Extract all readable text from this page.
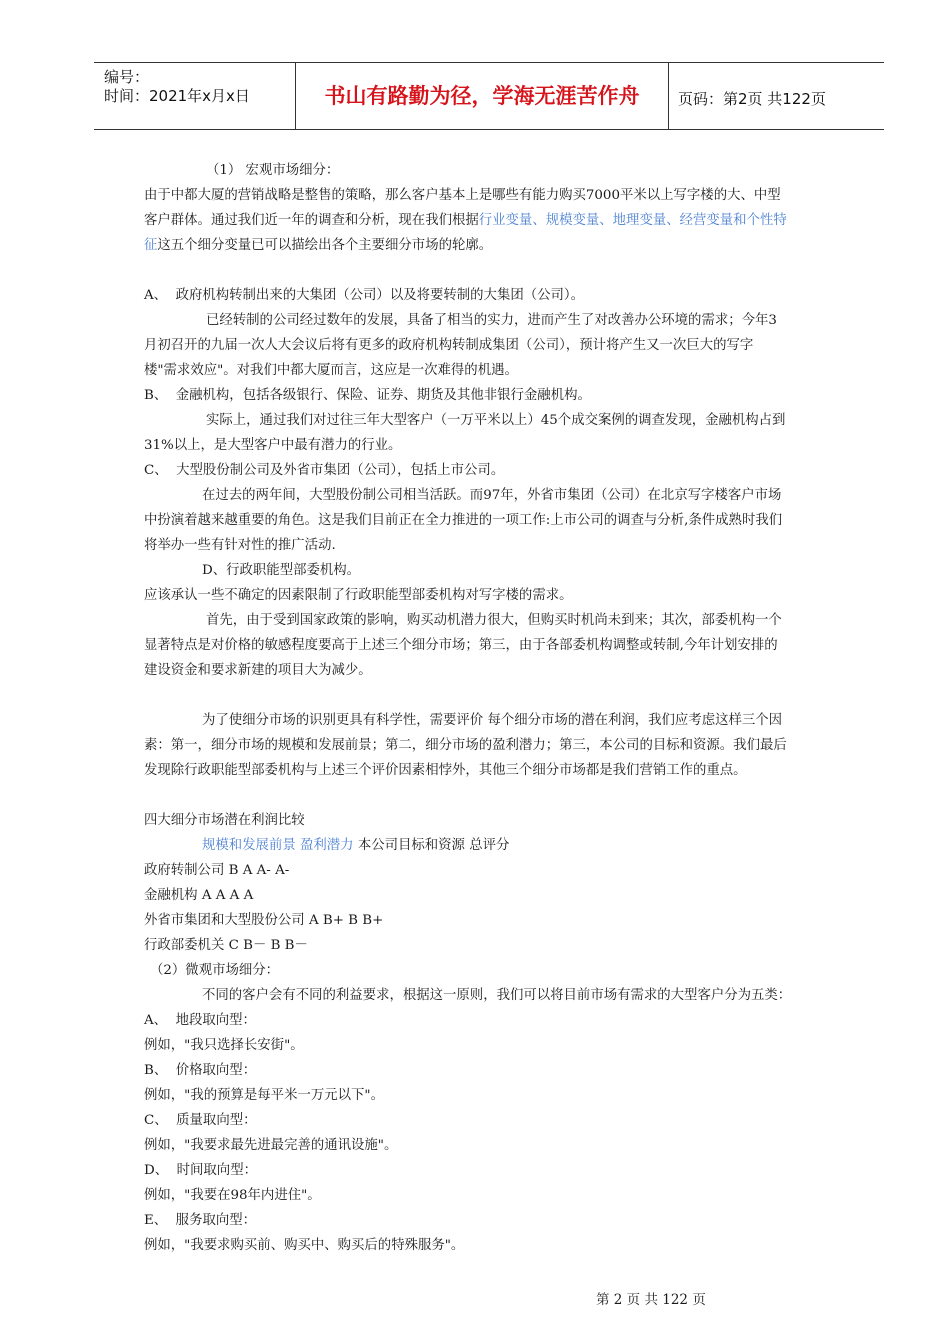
编号：
时间：2021年x月x日	书山有路勤为径，学海无涯苦作舟	页码：第2页 共122页

（1） 宏观市场细分：

由于中都大厦的营销战略是整售的策略，那么客户基本上是哪些有能力购买7000平米以上写字楼的大、中型

客户群体。通过我们近一年的调查和分析，现在我们根据行业变量、规模变量、地理变量、经营变量和个性特

征这五个细分变量已可以描绘出各个主要细分市场的轮廓。

A、  政府机构转制出来的大集团（公司）以及将要转制的大集团（公司）。

已经转制的公司经过数年的发展，具备了相当的实力，进而产生了对改善办公环境的需求；今年3

月初召开的九届一次人大会议后将有更多的政府机构转制成集团（公司），预计将产生又一次巨大的写字

楼"需求效应"。对我们中都大厦而言，这应是一次难得的机遇。

B、  金融机构，包括各级银行、保险、证券、期货及其他非银行金融机构。

实际上，通过我们对过往三年大型客户（一万平米以上）45个成交案例的调查发现，金融机构占到

31%以上，是大型客户中最有潜力的行业。

C、  大型股份制公司及外省市集团（公司），包括上市公司。

在过去的两年间，大型股份制公司相当活跃。而97年，外省市集团（公司）在北京写字楼客户市场

中扮演着越来越重要的角色。这是我们目前正在全力推进的一项工作:上市公司的调查与分析,条件成熟时我们

将举办一些有针对性的推广活动.

D、行政职能型部委机构。

应该承认一些不确定的因素限制了行政职能型部委机构对写字楼的需求。

首先，由于受到国家政策的影响，购买动机潜力很大，但购买时机尚未到来；其次，部委机构一个

显著特点是对价格的敏感程度要高于上述三个细分市场；第三，由于各部委机构调整或转制,今年计划安排的

建设资金和要求新建的项目大为减少。

为了使细分市场的识别更具有科学性，需要评价 每个细分市场的潜在利润，我们应考虑这样三个因

素：第一，细分市场的规模和发展前景；第二，细分市场的盈利潜力；第三，本公司的目标和资源。我们最后

发现除行政职能型部委机构与上述三个评价因素相悖外，其他三个细分市场都是我们营销工作的重点。

四大细分市场潜在利润比较

规模和发展前景 盈利潜力 本公司目标和资源 总评分

政府转制公司 B A A- A-

金融机构 A A A A

外省市集团和大型股份公司 A B+ B B+

行政部委机关 C B－ B B－

（2）微观市场细分：

不同的客户会有不同的利益要求，根据这一原则，我们可以将目前市场有需求的大型客户分为五类：

A、  地段取向型：

例如，"我只选择长安街"。

B、  价格取向型：

例如，"我的预算是每平米一万元以下"。

C、  质量取向型：

例如，"我要求最先进最完善的通讯设施"。

D、  时间取向型：

例如，"我要在98年内进住"。

E、  服务取向型：

例如，"我要求购买前、购买中、购买后的特殊服务"。

第 2 页 共 122 页
